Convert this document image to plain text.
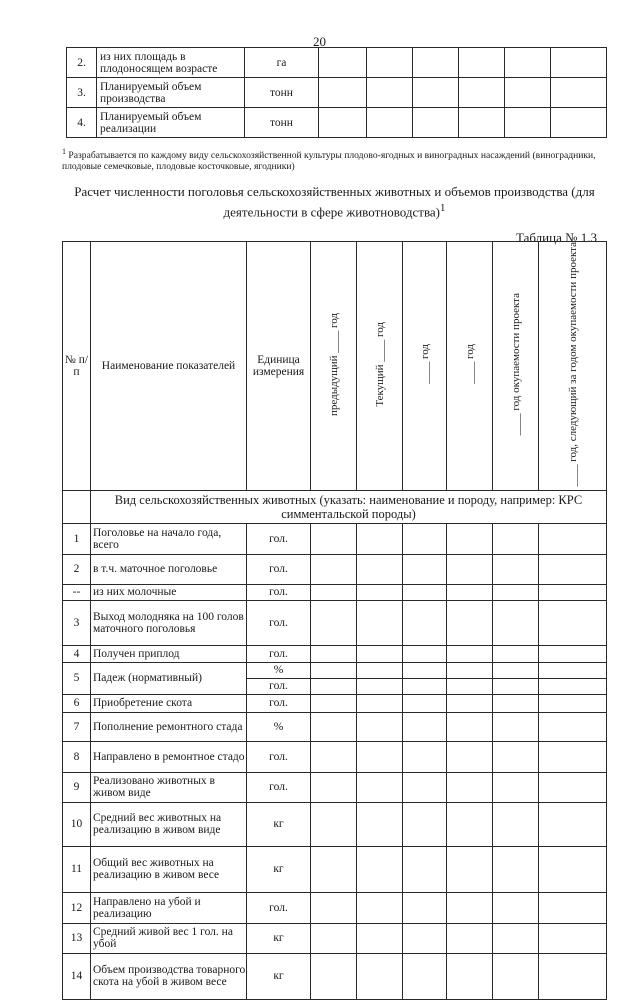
20
2.	из них площадь в плодоносящем возрасте	га						
3.	Планируемый объем производства	тонн						
4.	Планируемый объем реализации	тонн						
$^1$ Разрабатывается по каждому виду сельскохозяйственной культуры плодово-ягодных и виноградных насаждений (виноградники, плодовые семечковые, плодовые косточковые, ягодники)
Расчет численности поголовья сельскохозяйственных животных и объемов производства (для деятельности в сфере животноводства)$^1$
Таблица № 1.3
№ п/п	Наименование показателей	Единица измерения	предыдущий ____ год	Текущий ____ год	____ год	____ год	____ год окупаемости проекта	____ год, следующий за годом окупаемости проекта
	Вид сельскохозяйственных животных (указать: наименование и породу, например: КРС симментальской породы)							
1	Поголовье на начало года, всего	гол.						
2	в т.ч. маточное поголовье	гол.						
--	из них молочные	гол.						
3	Выход молодняка на 100 голов маточного поголовья	гол.						
4	Получен приплод	гол.						
5	Падеж (нормативный)	%						
		гол.						
6	Приобретение скота	гол.						
7	Пополнение ремонтного стада	%						
8	Направлено в ремонтное стадо	гол.						
9	Реализовано животных в живом виде	гол.						
10	Средний вес животных на реализацию в живом виде	кг						
11	Общий вес животных на реализацию в живом весе	кг						
12	Направлено на убой и реализацию	гол.						
13	Средний живой вес 1 гол. на убой	кг						
14	Объем производства товарного скота на убой в живом весе	кг						
